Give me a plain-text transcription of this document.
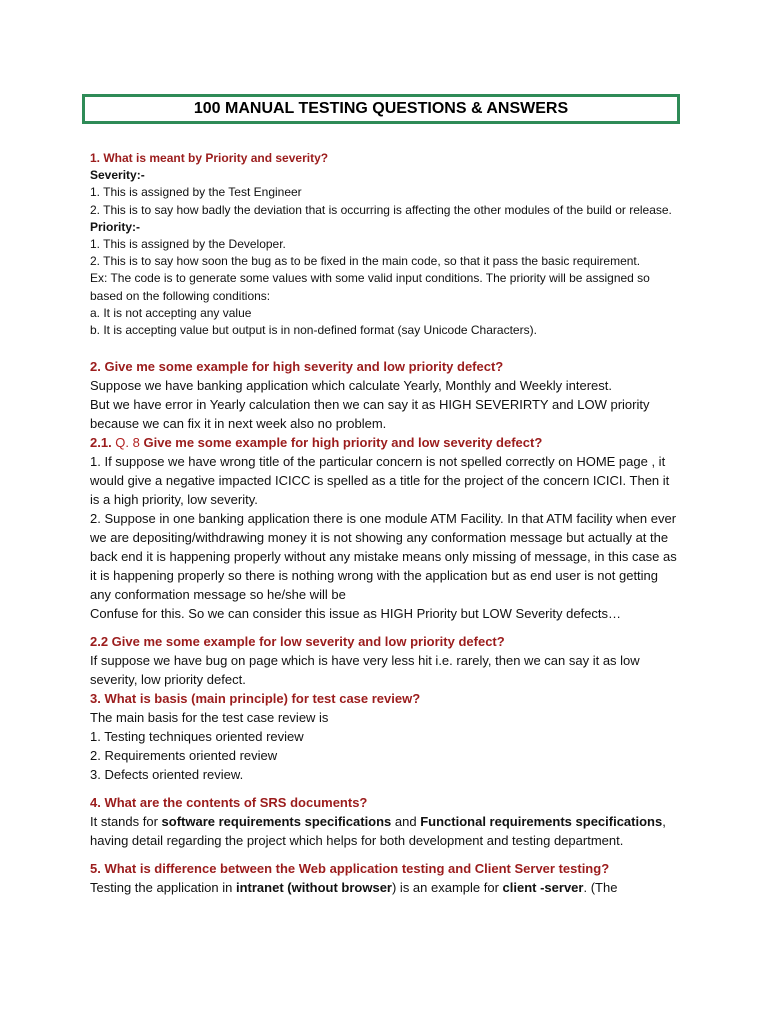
100 MANUAL TESTING QUESTIONS & ANSWERS

1. What is meant by Priority and severity?

Severity:-

1. This is assigned by the Test Engineer

2. This is to say how badly the deviation that is occurring is affecting the other modules of the build or release.

Priority:-

1. This is assigned by the Developer.

2. This is to say how soon the bug as to be fixed in the main code, so that it pass the basic requirement.

Ex: The code is to generate some values with some valid input conditions. The priority will be assigned so based on the following conditions:

a. It is not accepting any value

b. It is accepting value but output is in non-defined format (say Unicode Characters).

2. Give me some example for high severity and low priority defect?

Suppose we have banking application which calculate Yearly, Monthly and Weekly interest.

But we have error in Yearly calculation then we can say it as HIGH SEVERIRTY and LOW priority because we can fix it in next week also no problem.

2.1. Q. 8 Give me some example for high priority and low severity defect?

1. If suppose we have wrong title of the particular concern is not spelled correctly on HOME page , it would give a negative impacted ICICC is spelled as a title for the project of the concern ICICI. Then it is a high priority, low severity.

2. Suppose in one banking application there is one module ATM Facility. In that ATM facility when ever we are depositing/withdrawing money it is not showing any conformation message but actually at the back end it is happening properly without any mistake means only missing of message, in this case as it is happening properly so there is nothing wrong with the application but as end user is not getting any conformation message so he/she will be

Confuse for this. So we can consider this issue as HIGH Priority but LOW Severity defects…

2.2 Give me some example for low severity and low priority defect?

If suppose we have bug on page which is have very less hit i.e. rarely, then we can say it as low severity, low priority defect.

3. What is basis (main principle) for test case review?

The main basis for the test case review is

1. Testing techniques oriented review

2. Requirements oriented review

3. Defects oriented review.

4. What are the contents of SRS documents?

It stands for software requirements specifications and Functional requirements specifications, having detail regarding the project which helps for both development and testing department.

5. What is difference between the Web application testing and Client Server testing?

Testing the application in intranet (without browser) is an example for client -server. (The
